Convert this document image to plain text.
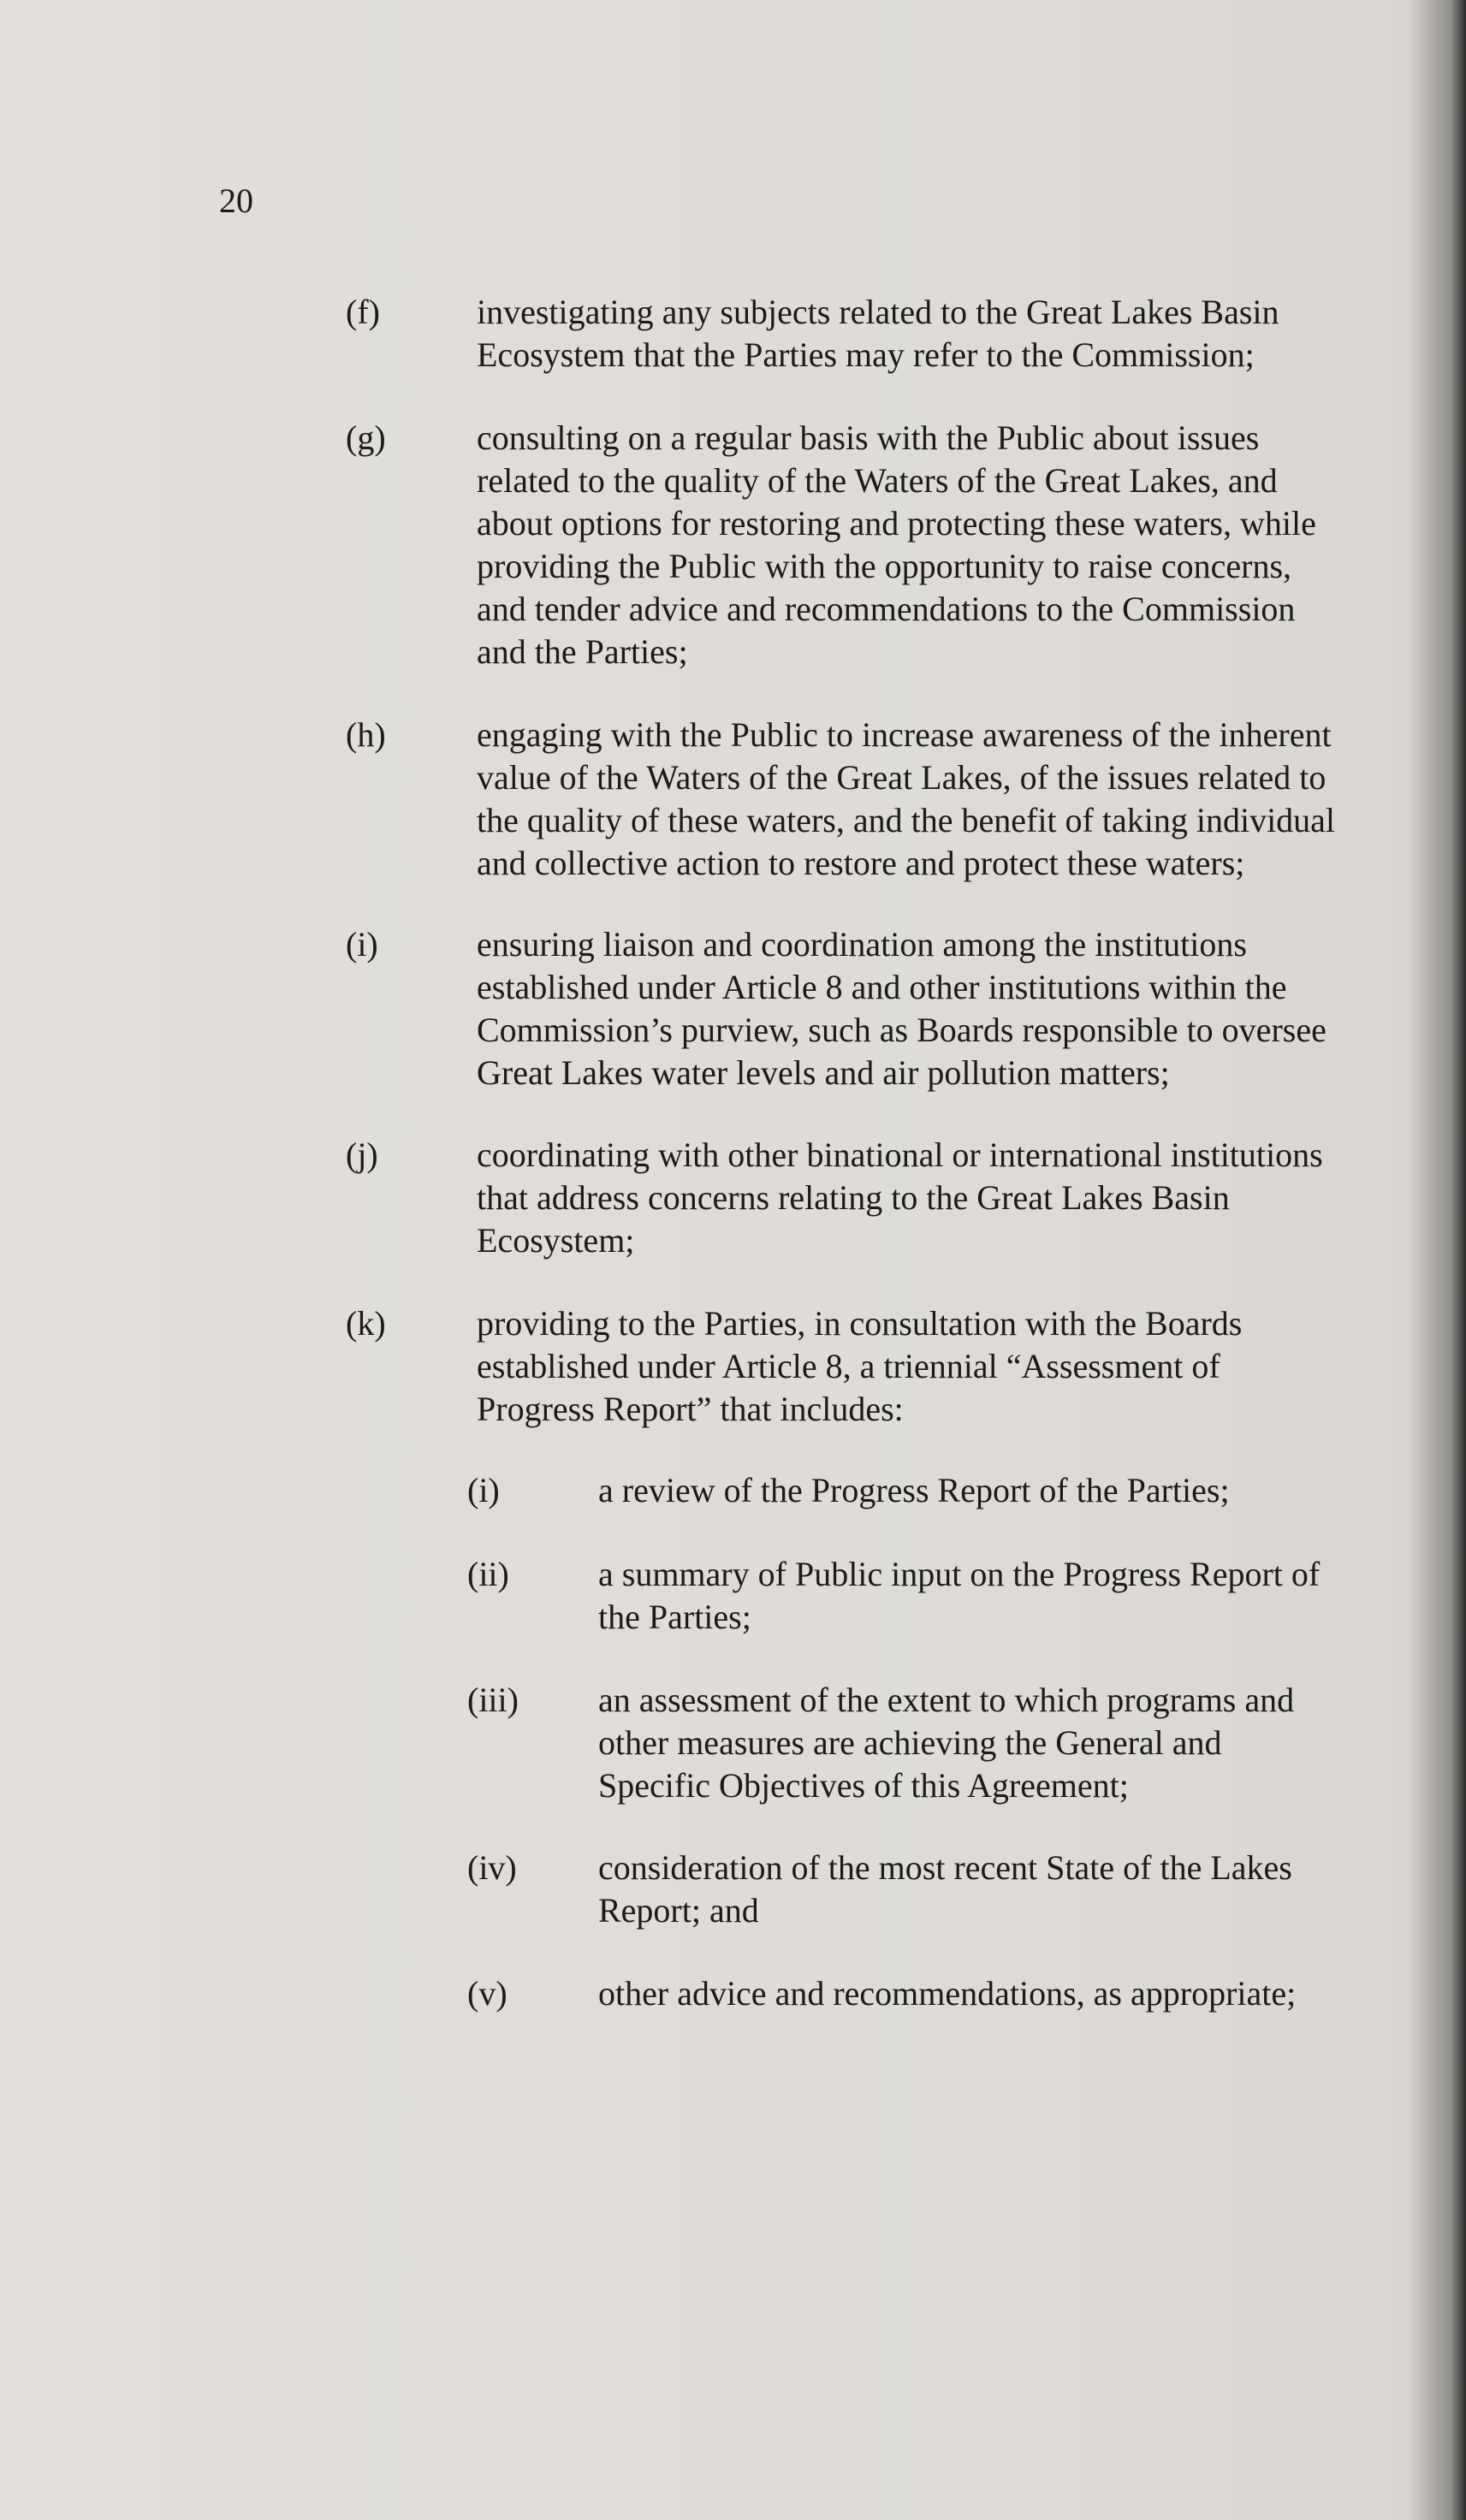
20
(f)	investigating any subjects related to the Great Lakes Basin
Ecosystem that the Parties may refer to the Commission;
(g)	consulting on a regular basis with the Public about issues
related to the quality of the Waters of the Great Lakes, and
about options for restoring and protecting these waters, while
providing the Public with the opportunity to raise concerns,
and tender advice and recommendations to the Commission
and the Parties;
(h)	engaging with the Public to increase awareness of the inherent
value of the Waters of the Great Lakes, of the issues related to
the quality of these waters, and the benefit of taking individual
and collective action to restore and protect these waters;
(i)	ensuring liaison and coordination among the institutions
established under Article 8 and other institutions within the
Commission’s purview, such as Boards responsible to oversee
Great Lakes water levels and air pollution matters;
(j)	coordinating with other binational or international institutions
that address concerns relating to the Great Lakes Basin
Ecosystem;
(k)	providing to the Parties, in consultation with the Boards
established under Article 8, a triennial “Assessment of
Progress Report” that includes:
(i)	a review of the Progress Report of the Parties;
(ii)	a summary of Public input on the Progress Report of
the Parties;
(iii) an assessment of the extent to which programs and
other measures are achieving the General and
Specific Objectives of this Agreement;
(iv) consideration of the most recent State of the Lakes
Report; and
(v)	other advice and recommendations, as appropriate;
